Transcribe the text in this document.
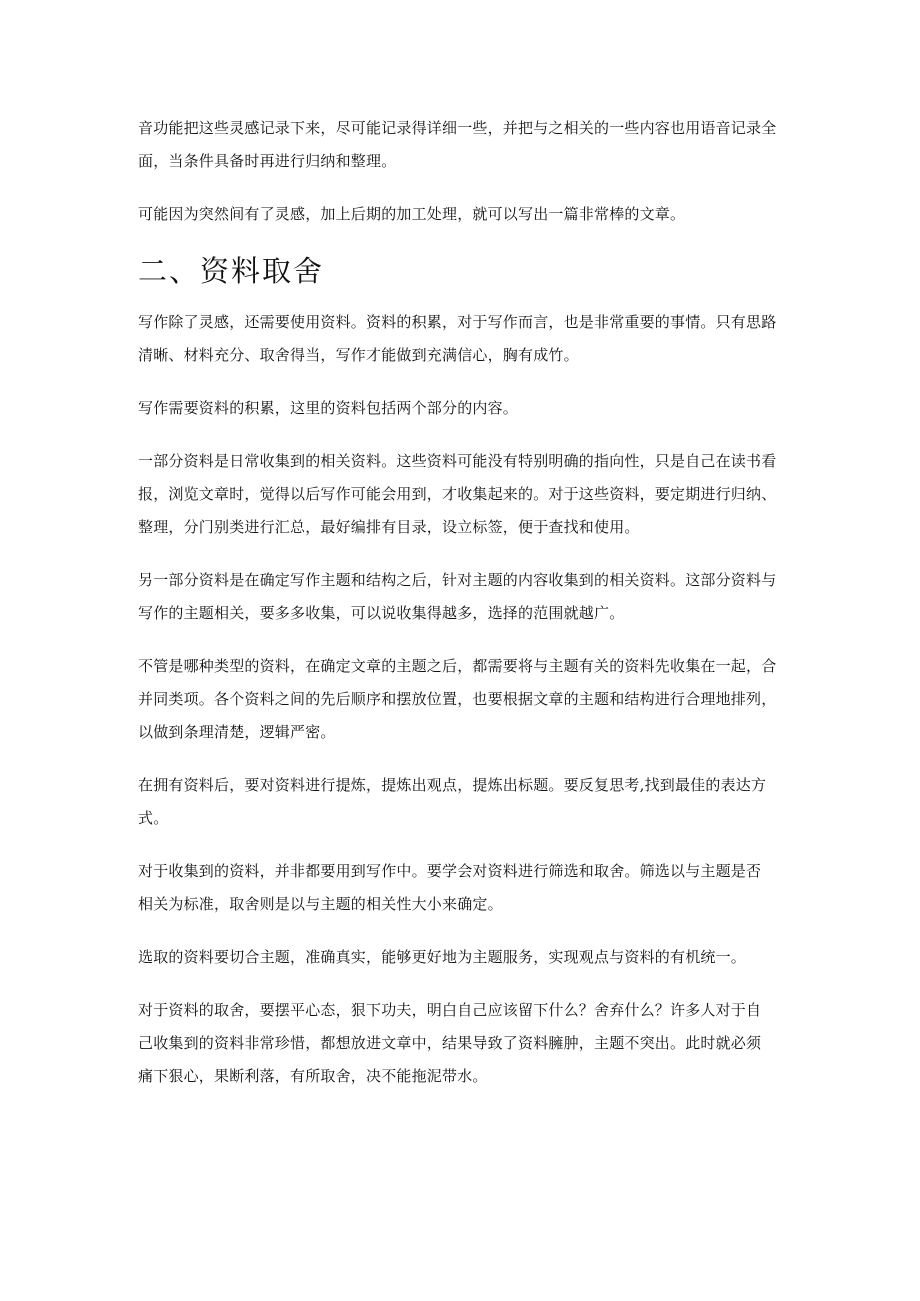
音功能把这些灵感记录下来，尽可能记录得详细一些，并把与之相关的一些内容也用语音记录全
面，当条件具备时再进行归纳和整理。

可能因为突然间有了灵感，加上后期的加工处理，就可以写出一篇非常棒的文章。

二、资料取舍

写作除了灵感，还需要使用资料。资料的积累，对于写作而言，也是非常重要的事情。只有思路
清晰、材料充分、取舍得当，写作才能做到充满信心，胸有成竹。

写作需要资料的积累，这里的资料包括两个部分的内容。

一部分资料是日常收集到的相关资料。这些资料可能没有特别明确的指向性，只是自己在读书看
报，浏览文章时，觉得以后写作可能会用到，才收集起来的。对于这些资料，要定期进行归纳、
整理，分门别类进行汇总，最好编排有目录，设立标签，便于查找和使用。

另一部分资料是在确定写作主题和结构之后，针对主题的内容收集到的相关资料。这部分资料与
写作的主题相关，要多多收集，可以说收集得越多，选择的范围就越广。

不管是哪种类型的资料，在确定文章的主题之后，都需要将与主题有关的资料先收集在一起，合
并同类项。各个资料之间的先后顺序和摆放位置，也要根据文章的主题和结构进行合理地排列，
以做到条理清楚，逻辑严密。

在拥有资料后，要对资料进行提炼，提炼出观点，提炼出标题。要反复思考,找到最佳的表达方
式。

对于收集到的资料，并非都要用到写作中。要学会对资料进行筛选和取舍。筛选以与主题是否
相关为标准，取舍则是以与主题的相关性大小来确定。

选取的资料要切合主题，准确真实，能够更好地为主题服务，实现观点与资料的有机统一。

对于资料的取舍，要摆平心态，狠下功夫，明白自己应该留下什么？舍弃什么？许多人对于自
己收集到的资料非常珍惜，都想放进文章中，结果导致了资料臃肿，主题不突出。此时就必须
痛下狠心，果断利落，有所取舍，决不能拖泥带水。
